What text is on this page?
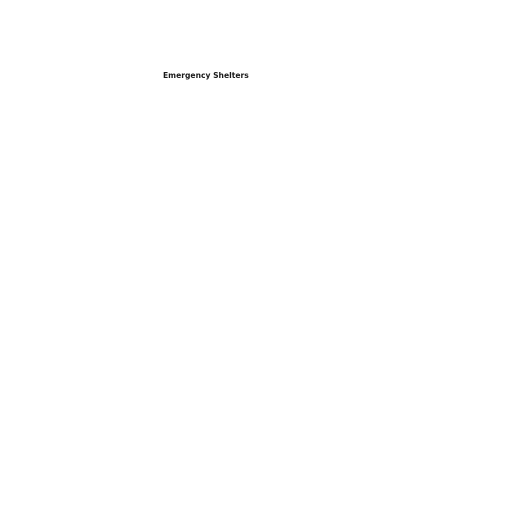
Emergency Shelters
